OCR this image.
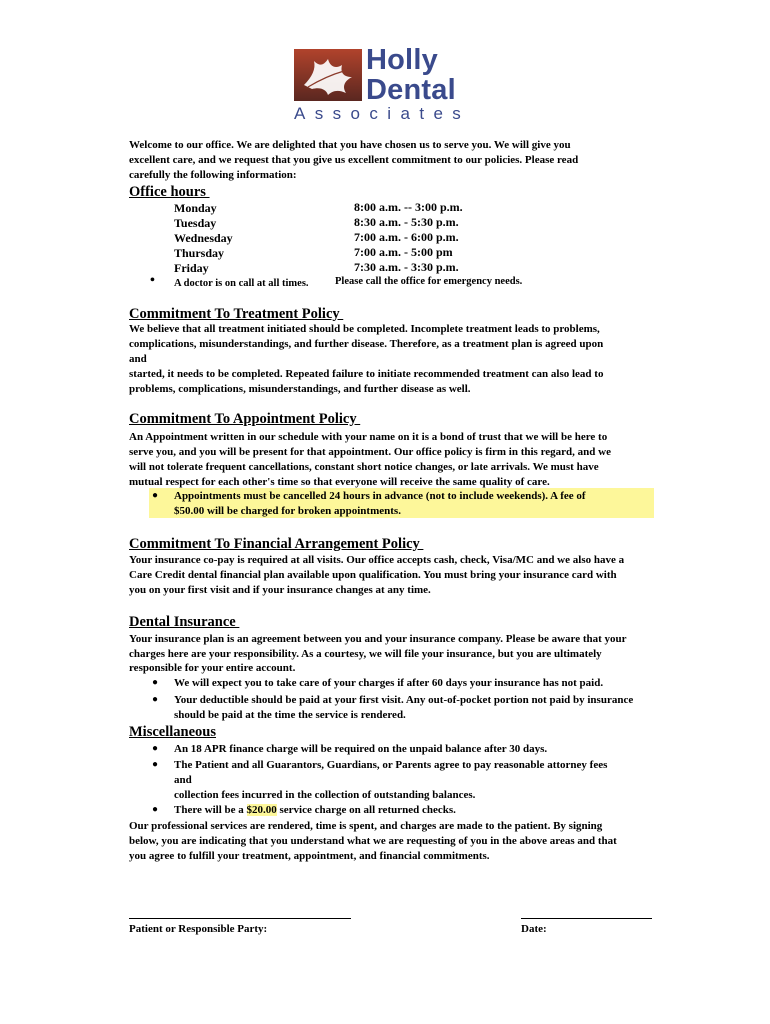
Holly
Dental
Associates
Welcome to our office. We are delighted that you have chosen us to serve you. We will give you
excellent care, and we request that you give us excellent commitment to our policies. Please read
carefully the following information:
Office hours
Monday	8:00 a.m. -- 3:00 p.m.
Tuesday	8:30 a.m. - 5:30 p.m.
Wednesday	7:00 a.m. - 6:00 p.m.
Thursday	7:00 a.m. - 5:00 pm
Friday	7:30 a.m. - 3:30 p.m.
• A doctor is on call at all times.	Please call the office for emergency needs.
Commitment To Treatment Policy
We believe that all treatment initiated should be completed. Incomplete treatment leads to problems,
complications, misunderstandings, and further disease. Therefore, as a treatment plan is agreed upon
and
started, it needs to be completed. Repeated failure to initiate recommended treatment can also lead to
problems, complications, misunderstandings, and further disease as well.
Commitment To Appointment Policy
An Appointment written in our schedule with your name on it is a bond of trust that we will be here to
serve you, and you will be present for that appointment. Our office policy is firm in this regard, and we
will not tolerate frequent cancellations, constant short notice changes, or late arrivals. We must have
mutual respect for each other's time so that everyone will receive the same quality of care.
● Appointments must be cancelled 24 hours in advance (not to include weekends). A fee of
$50.00 will be charged for broken appointments.
Commitment To Financial Arrangement Policy
Your insurance co-pay is required at all visits. Our office accepts cash, check, Visa/MC and we also have a
Care Credit dental financial plan available upon qualification. You must bring your insurance card with
you on your first visit and if your insurance changes at any time.
Dental Insurance
Your insurance plan is an agreement between you and your insurance company. Please be aware that your
charges here are your responsibility. As a courtesy, we will file your insurance, but you are ultimately
responsible for your entire account.
● We will expect you to take care of your charges if after 60 days your insurance has not paid.
● Your deductible should be paid at your first visit. Any out-of-pocket portion not paid by insurance
should be paid at the time the service is rendered.
Miscellaneous
● An 18 APR finance charge will be required on the unpaid balance after 30 days.
● The Patient and all Guarantors, Guardians, or Parents agree to pay reasonable attorney fees
and
collection fees incurred in the collection of outstanding balances.
● There will be a $20.00 service charge on all returned checks.
Our professional services are rendered, time is spent, and charges are made to the patient. By signing
below, you are indicating that you understand what we are requesting of you in the above areas and that
you agree to fulfill your treatment, appointment, and financial commitments.
Patient or Responsible Party:	Date:
